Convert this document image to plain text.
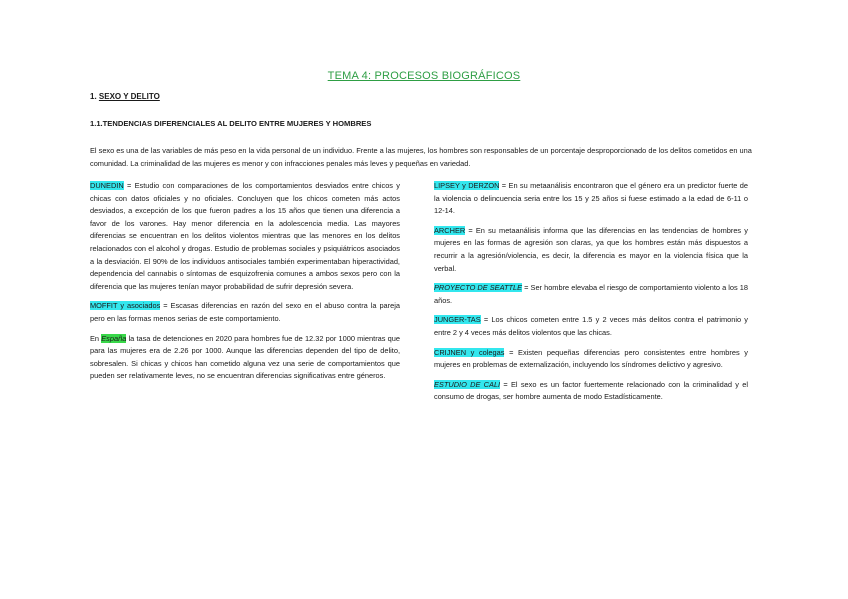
TEMA 4: PROCESOS BIOGRÁFICOS
1. SEXO Y DELITO
1.1.TENDENCIAS DIFERENCIALES AL DELITO ENTRE MUJERES Y HOMBRES
El sexo es una de las variables de más peso en la vida personal de un individuo. Frente a las mujeres, los hombres son responsables de un porcentaje desproporcionado de los delitos cometidos en una comunidad. La criminalidad de las mujeres es menor y con infracciones penales más leves y pequeñas en variedad.

DUNEDIN = Estudio con comparaciones de los comportamientos desviados entre chicos y chicas con datos oficiales y no oficiales. Concluyen que los chicos cometen más actos desviados, a excepción de los que fueron padres a los 15 años que tienen una diferencia a favor de los varones. Hay menor diferencia en la adolescencia media. Las mayores diferencias se encuentran en los delitos violentos mientras que las menores en los delitos relacionados con el alcohol y drogas. Estudio de problemas sociales y psiquiátricos asociados a la desviación. El 90% de los individuos antisociales también experimentaban hiperactividad, dependencia del cannabis o síntomas de esquizofrenia comunes a ambos sexos pero con la diferencia que las mujeres tenían mayor probabilidad de sufrir depresión severa.

MOFFIT y asociados = Escasas diferencias en razón del sexo en el abuso contra la pareja pero en las formas menos serias de este comportamiento.

En España la tasa de detenciones en 2020 para hombres fue de 12.32 por 1000 mientras que para las mujeres era de 2.26 por 1000. Aunque las diferencias dependen del tipo de delito, sobresalen. Si chicas y chicos han cometido alguna vez una serie de comportamientos que pueden ser relativamente leves, no se encuentran diferencias significativas entre géneros.

LIPSEY y DERZON = En su metaanálisis encontraron que el género era un predictor fuerte de la violencia o delincuencia seria entre los 15 y 25 años si fuese estimado a la edad de 6-11 o 12-14.

ARCHER = En su metaanálisis informa que las diferencias en las tendencias de hombres y mujeres en las formas de agresión son claras, ya que los hombres están más dispuestos a recurrir a la agresión/violencia, es decir, la diferencia es mayor en la violencia física que la verbal.

PROYECTO DE SEATTLE = Ser hombre elevaba el riesgo de comportamiento violento a los 18 años.

JUNGER-TAS = Los chicos cometen entre 1.5 y 2 veces más delitos contra el patrimonio y entre 2 y 4 veces más delitos violentos que las chicas.

CRIJNEN y colegas = Existen pequeñas diferencias pero consistentes entre hombres y mujeres en problemas de externalización, incluyendo los síndromes delictivo y agresivo.

ESTUDIO DE CALI = El sexo es un factor fuertemente relacionado con la criminalidad y el consumo de drogas, ser hombre aumenta de modo Estadísticamente.
